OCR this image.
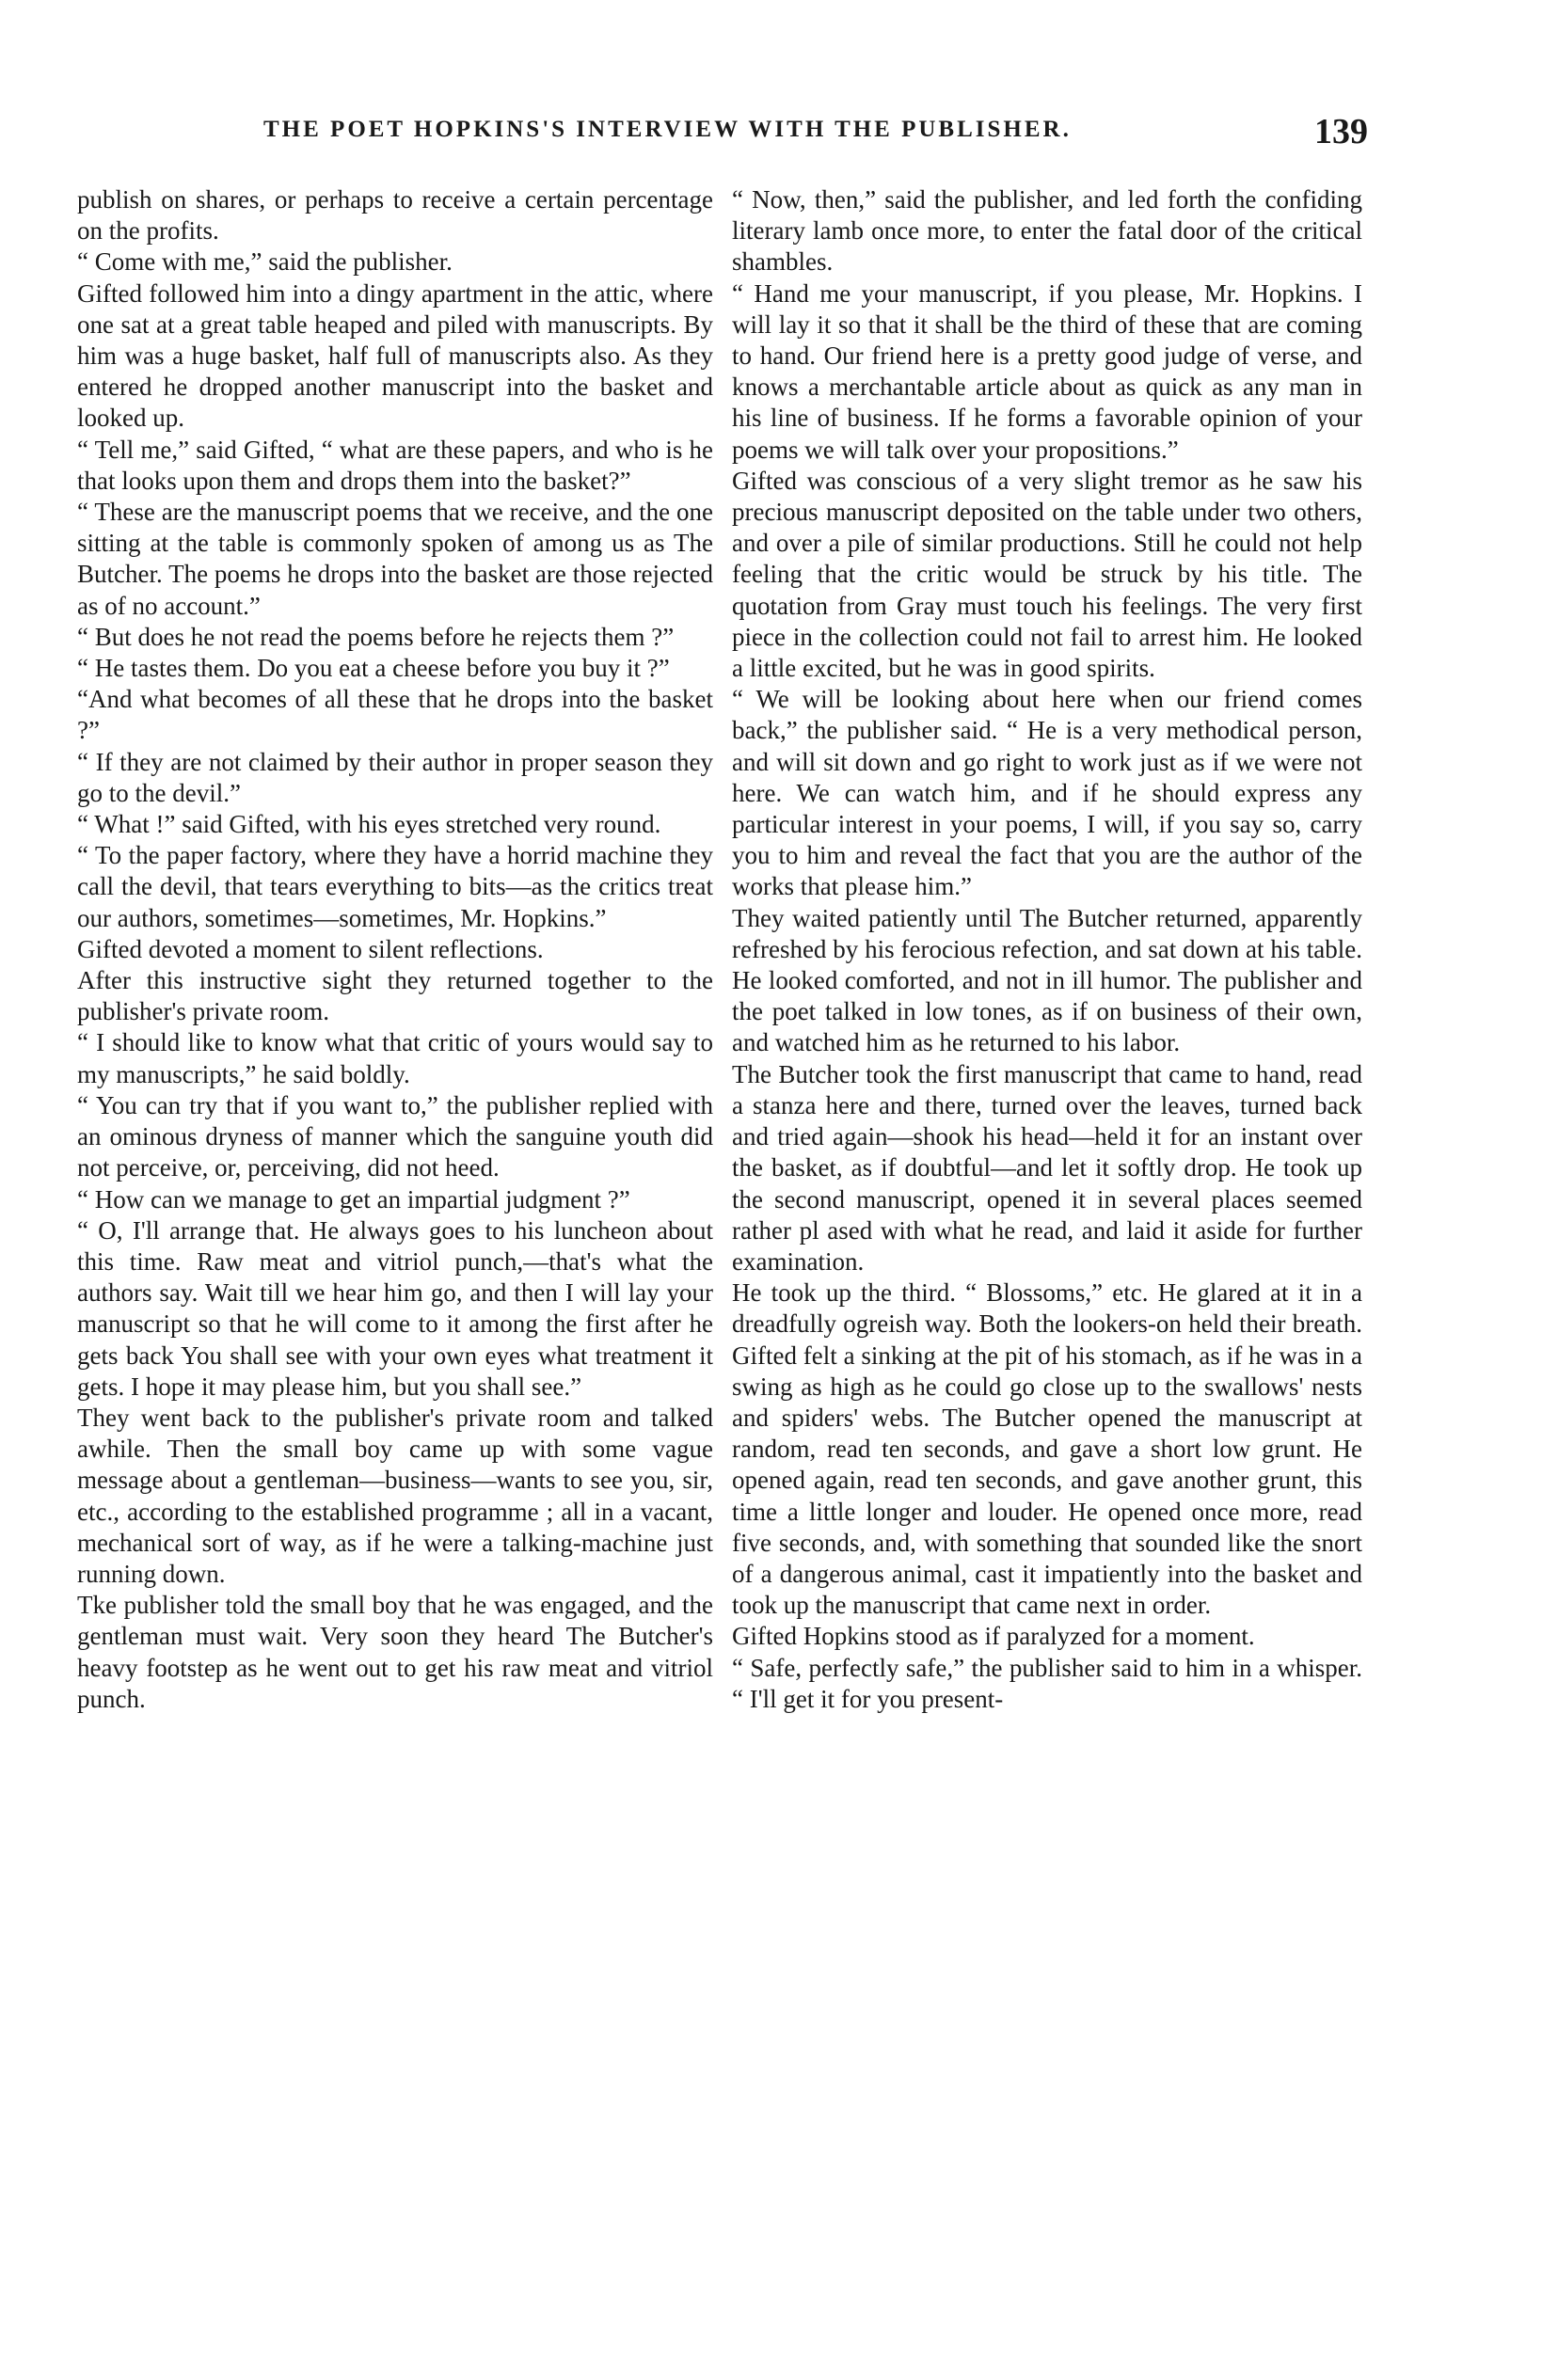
THE POET HOPKINS'S INTERVIEW WITH THE PUBLISHER.	139

publish on shares, or perhaps to receive a certain percentage on the profits.

“ Come with me,” said the publisher.

Gifted followed him into a dingy apartment in the attic, where one sat at a great table heaped and piled with manuscripts. By him was a huge basket, half full of manuscripts also. As they entered he dropped another manuscript into the basket and looked up.

“ Tell me,” said Gifted, “ what are these papers, and who is he that looks upon them and drops them into the basket?”

“ These are the manuscript poems that we receive, and the one sitting at the table is commonly spoken of among us as The Butcher. The poems he drops into the basket are those rejected as of no account.”

“ But does he not read the poems before he rejects them ?”

“ He tastes them. Do you eat a cheese before you buy it ?”

“And what becomes of all these that he drops into the basket ?”

“ If they are not claimed by their author in proper season they go to the devil.”

“ What !” said Gifted, with his eyes stretched very round.

“ To the paper factory, where they have a horrid machine they call the devil, that tears everything to bits—as the critics treat our authors, sometimes—sometimes, Mr. Hopkins.”

Gifted devoted a moment to silent reflections.

After this instructive sight they returned together to the publisher's private room.

“ I should like to know what that critic of yours would say to my manuscripts,” he said boldly.

“ You can try that if you want to,” the publisher replied with an ominous dryness of manner which the sanguine youth did not perceive, or, perceiving, did not heed.

“ How can we manage to get an impartial judgment ?”

“ O, I'll arrange that. He always goes to his luncheon about this time. Raw meat and vitriol punch,—that's what the authors say. Wait till we hear him go, and then I will lay your manuscript so that he will come to it among the first after he gets back You shall see with your own eyes what treatment it gets. I hope it may please him, but you shall see.”

They went back to the publisher's private room and talked awhile. Then the small boy came up with some vague message about a gentleman—business—wants to see you, sir, etc., according to the established programme ; all in a vacant, mechanical sort of way, as if he were a talking-machine just running down.

Tke publisher told the small boy that he was engaged, and the gentleman must wait. Very soon they heard The Butcher's heavy footstep as he went out to get his raw meat and vitriol punch.

“ Now, then,” said the publisher, and led forth the confiding literary lamb once more, to enter the fatal door of the critical shambles.

“ Hand me your manuscript, if you please, Mr. Hopkins. I will lay it so that it shall be the third of these that are coming to hand. Our friend here is a pretty good judge of verse, and knows a merchantable article about as quick as any man in his line of business. If he forms a favorable opinion of your poems we will talk over your propositions.”

Gifted was conscious of a very slight tremor as he saw his precious manuscript deposited on the table under two others, and over a pile of similar productions. Still he could not help feeling that the critic would be struck by his title. The quotation from Gray must touch his feelings. The very first piece in the collection could not fail to arrest him. He looked a little excited, but he was in good spirits.

“ We will be looking about here when our friend comes back,” the publisher said. “ He is a very methodical person, and will sit down and go right to work just as if we were not here. We can watch him, and if he should express any particular interest in your poems, I will, if you say so, carry you to him and reveal the fact that you are the author of the works that please him.”

They waited patiently until The Butcher returned, apparently refreshed by his ferocious refection, and sat down at his table. He looked comforted, and not in ill humor. The publisher and the poet talked in low tones, as if on business of their own, and watched him as he returned to his labor.

The Butcher took the first manuscript that came to hand, read a stanza here and there, turned over the leaves, turned back and tried again—shook his head—held it for an instant over the basket, as if doubtful—and let it softly drop. He took up the second manuscript, opened it in several places seemed rather pl ased with what he read, and laid it aside for further examination.

He took up the third. “ Blossoms,” etc. He glared at it in a dreadfully ogreish way. Both the lookers-on held their breath. Gifted felt a sinking at the pit of his stomach, as if he was in a swing as high as he could go close up to the swallows' nests and spiders' webs. The Butcher opened the manuscript at random, read ten seconds, and gave a short low grunt. He opened again, read ten seconds, and gave another grunt, this time a little longer and louder. He opened once more, read five seconds, and, with something that sounded like the snort of a dangerous animal, cast it impatiently into the basket and took up the manuscript that came next in order.

Gifted Hopkins stood as if paralyzed for a moment.

“ Safe, perfectly safe,” the publisher said to him in a whisper. “ I'll get it for you present-
